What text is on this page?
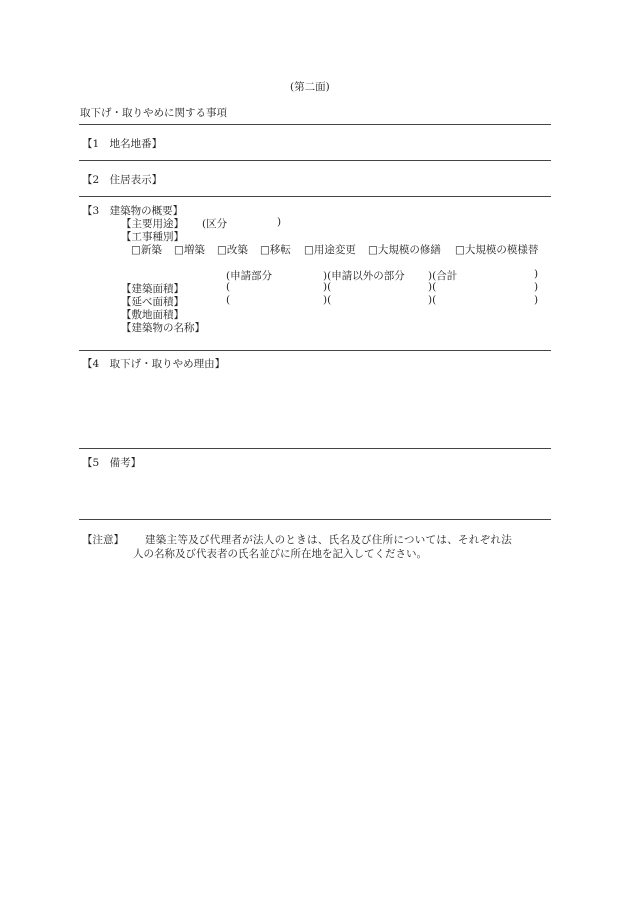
(第二面)
取下げ・取りやめに関する事項
【1　地名地番】
【2　住居表示】
【3　建築物の概要】
【主要用途】 (区分	)
【工事種別】
□新築 □増築 □改築 □移転 □用途変更 □大規模の修繕 □大規模の模様替
(申請部分	)(申請以外の部分 )(合計	)
【建築面積】	(	)(	)(	)
【延べ面積】	(	)(	)(	)
【敷地面積】
【建築物の名称】
【4　取下げ・取りやめ理由】
【5　備考】
【注意】 建築主等及び代理者が法人のときは、氏名及び住所については、それぞれ法
人の名称及び代表者の氏名並びに所在地を記入してください。
